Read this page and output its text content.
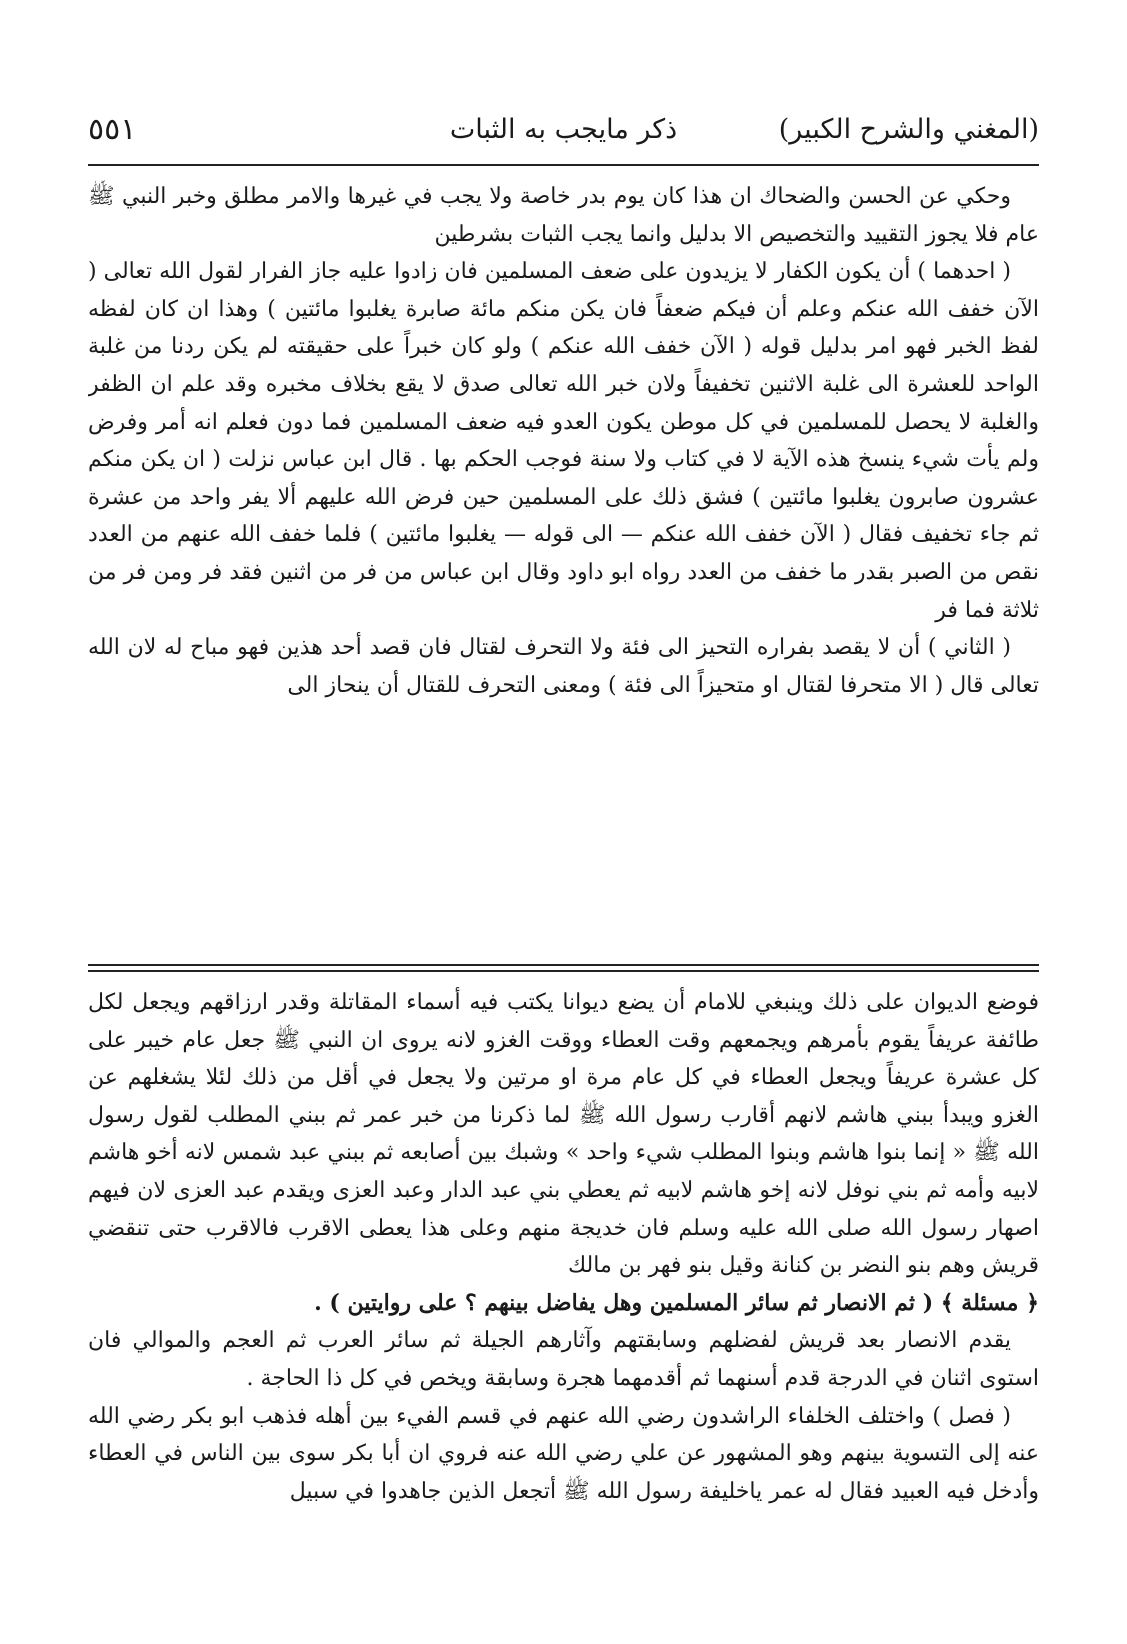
(المغني والشرح الكبير)
ذكر مايجب به الثبات
٥٥١

وحكي عن الحسن والضحاك ان هذا كان يوم بدر خاصة ولا يجب في غيرها والامر مطلق وخبر النبي ﷺ عام فلا يجوز التقييد والتخصيص الا بدليل وانما يجب الثبات بشرطين

( احدهما ) أن يكون الكفار لا يزيدون على ضعف المسلمين فان زادوا عليه جاز الفرار لقول الله تعالى ( الآن خفف الله عنكم وعلم أن فيكم ضعفاً فان يكن منكم مائة صابرة يغلبوا مائتين ) وهذا ان كان لفظه لفظ الخبر فهو امر بدليل قوله ( الآن خفف الله عنكم ) ولو كان خبراً على حقيقته لم يكن ردنا من غلبة الواحد للعشرة الى غلبة الاثنين تخفيفاً ولان خبر الله تعالى صدق لا يقع بخلاف مخبره وقد علم ان الظفر والغلبة لا يحصل للمسلمين في كل موطن يكون العدو فيه ضعف المسلمين فما دون فعلم انه أمر وفرض ولم يأت شيء ينسخ هذه الآية لا في كتاب ولا سنة فوجب الحكم بها . قال ابن عباس نزلت ( ان يكن منكم عشرون صابرون يغلبوا مائتين ) فشق ذلك على المسلمين حين فرض الله عليهم ألا يفر واحد من عشرة ثم جاء تخفيف فقال ( الآن خفف الله عنكم — الى قوله — يغلبوا مائتين ) فلما خفف الله عنهم من العدد نقص من الصبر بقدر ما خفف من العدد رواه ابو داود وقال ابن عباس من فر من اثنين فقد فر ومن فر من ثلاثة فما فر

( الثاني ) أن لا يقصد بفراره التحيز الى فئة ولا التحرف لقتال فان قصد أحد هذين فهو مباح له لان الله تعالى قال ( الا متحرفا لقتال او متحيزاً الى فئة ) ومعنى التحرف للقتال أن ينحاز الى

فوضع الديوان على ذلك وينبغي للامام أن يضع ديوانا يكتب فيه أسماء المقاتلة وقدر ارزاقهم ويجعل لكل طائفة عريفاً يقوم بأمرهم ويجمعهم وقت العطاء ووقت الغزو لانه يروى ان النبي ﷺ جعل عام خيبر على كل عشرة عريفاً ويجعل العطاء في كل عام مرة او مرتين ولا يجعل في أقل من ذلك لئلا يشغلهم عن الغزو ويبدأ ببني هاشم لانهم أقارب رسول الله ﷺ لما ذكرنا من خبر عمر ثم ببني المطلب لقول رسول الله ﷺ « إنما بنوا هاشم وبنوا المطلب شيء واحد » وشبك بين أصابعه ثم ببني عبد شمس لانه أخو هاشم لابيه وأمه ثم بني نوفل لانه إخو هاشم لابيه ثم يعطي بني عبد الدار وعبد العزى ويقدم عبد العزى لان فيهم اصهار رسول الله صلى الله عليه وسلم فان خديجة منهم وعلى هذا يعطى الاقرب فالاقرب حتى تنقضي قريش وهم بنو النضر بن كنانة وقيل بنو فهر بن مالك

﴿ مسئلة ﴾ ( ثم الانصار ثم سائر المسلمين وهل يفاضل بينهم ؟ على روايتين ) .

يقدم الانصار بعد قريش لفضلهم وسابقتهم وآثارهم الجيلة ثم سائر العرب ثم العجم والموالي فان استوى اثنان في الدرجة قدم أسنهما ثم أقدمهما هجرة وسابقة ويخص في كل ذا الحاجة .

( فصل ) واختلف الخلفاء الراشدون رضي الله عنهم في قسم الفيء بين أهله فذهب ابو بكر رضي الله عنه إلى التسوية بينهم وهو المشهور عن علي رضي الله عنه فروي ان أبا بكر سوى بين الناس في العطاء وأدخل فيه العبيد فقال له عمر ياخليفة رسول الله ﷺ أتجعل الذين جاهدوا في سبيل
